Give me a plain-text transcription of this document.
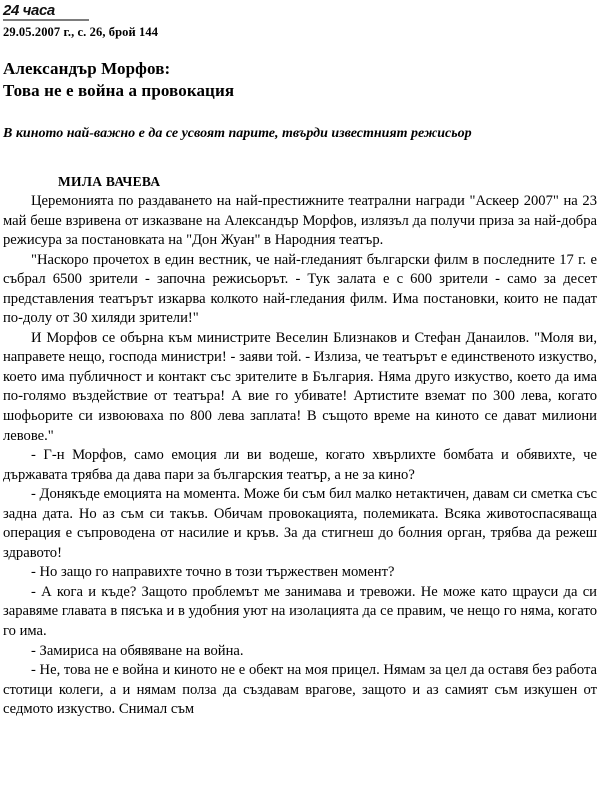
24 часа
29.05.2007 г., с. 26, брой 144
Александър Морфов:
Това не е война а провокация
В киното най-важно е да се усвоят парите, твърди известният режисьор
МИЛА ВАЧЕВА

Церемонията по раздаването на най-престижните театрални награди "Аскеер 2007" на 23 май беше взривена от изказване на Александър Морфов, излязъл да получи приза за най-добра режисура за постановката на "Дон Жуан" в Народния театър.

"Наскоро прочетох в един вестник, че най-гледаният български филм в последните 17 г. е събрал 6500 зрители - започна режисьорът. - Тук залата е с 600 зрители - само за десет представления театърът изкарва колкото най-гледания филм. Има постановки, които не падат по-долу от 30 хиляди зрители!"

И Морфов се обърна към министрите Веселин Близнаков и Стефан Данаилов. "Моля ви, направете нещо, господа министри! - заяви той. - Излиза, че театърът е единственото изкуство, което има публичност и контакт със зрителите в България. Няма друго изкуство, което да има по-голямо въздействие от театъра! А вие го убивате! Артистите вземат по 300 лева, когато шофьорите си извоюваха по 800 лева заплата! В същото време на киното се дават милиони левове."

- Г-н Морфов, само емоция ли ви водеше, когато хвърлихте бомбата и обявихте, че държавата трябва да дава пари за българския театър, а не за кино?

- Донякъде емоцията на момента. Може би съм бил малко нетактичен, давам си сметка със задна дата. Но аз съм си такъв. Обичам провокацията, полемиката. Всяка животоспасяваща операция е съпроводена от насилие и кръв. За да стигнеш до болния орган, трябва да режеш здравото!

- Но защо го направихте точно в този тържествен момент?

- А кога и къде? Защото проблемът ме занимава и тревожи. Не може като щрауси да си заравяме главата в пясъка и в удобния уют на изолацията да се правим, че нещо го няма, когато го има.

- Замириса на обявяване на война.

- Не, това не е война и киното не е обект на моя прицел. Нямам за цел да оставя без работа стотици колеги, а и нямам полза да създавам врагове, защото и аз самият съм изкушен от седмото изкуство. Снимал съм
